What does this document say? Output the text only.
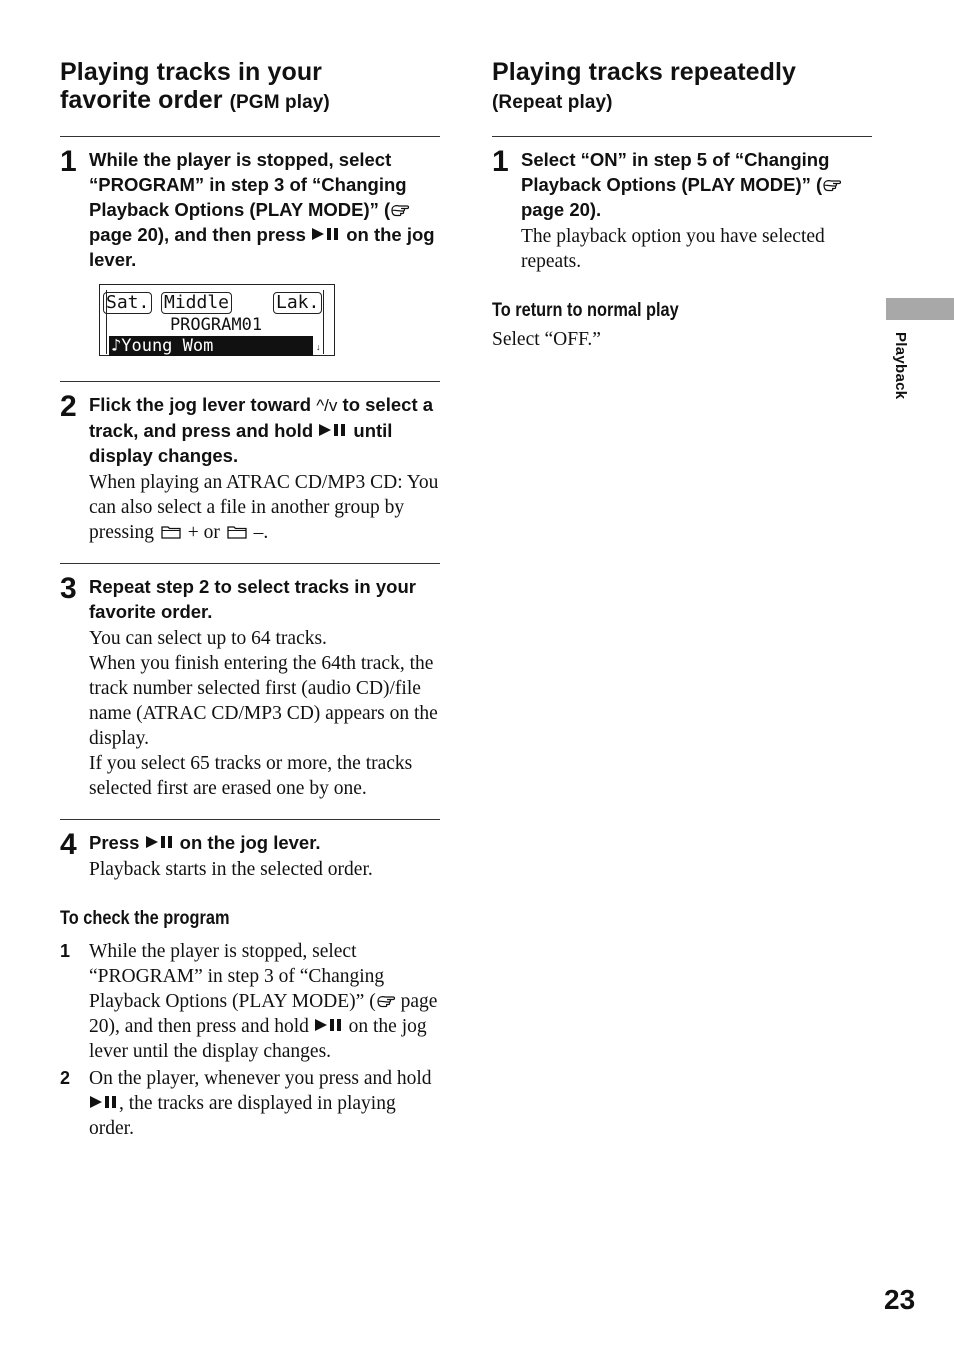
Playing tracks in your
favorite order (PGM play)
1 While the player is stopped, select “PROGRAM” in step 3 of “Changing Playback Options (PLAY MODE)” ( page 20), and then press  on the jog lever.
Sat. Middle	Lak.
PROGRAM01
♪Young Wom	↓
2 Flick the jog lever toward ^/v to select a track, and press and hold  until display changes.
When playing an ATRAC CD/MP3 CD: You can also select a file in another group by pressing  + or  –.
3 Repeat step 2 to select tracks in your favorite order.
You can select up to 64 tracks.
When you finish entering the 64th track, the track number selected first (audio CD)/file name (ATRAC CD/MP3 CD) appears on the display.
If you select 65 tracks or more, the tracks selected first are erased one by one.
4 Press  on the jog lever.
Playback starts in the selected order.
To check the program
1 While the player is stopped, select “PROGRAM” in step 3 of “Changing Playback Options (PLAY MODE)” ( page 20), and then press and hold  on the jog lever until the display changes.
2 On the player, whenever you press and hold , the tracks are displayed in playing order.
Playing tracks repeatedly
(Repeat play)
1 Select “ON” in step 5 of “Changing Playback Options (PLAY MODE)” ( page 20).
The playback option you have selected repeats.
To return to normal play
Select “OFF.”	Playback
23
